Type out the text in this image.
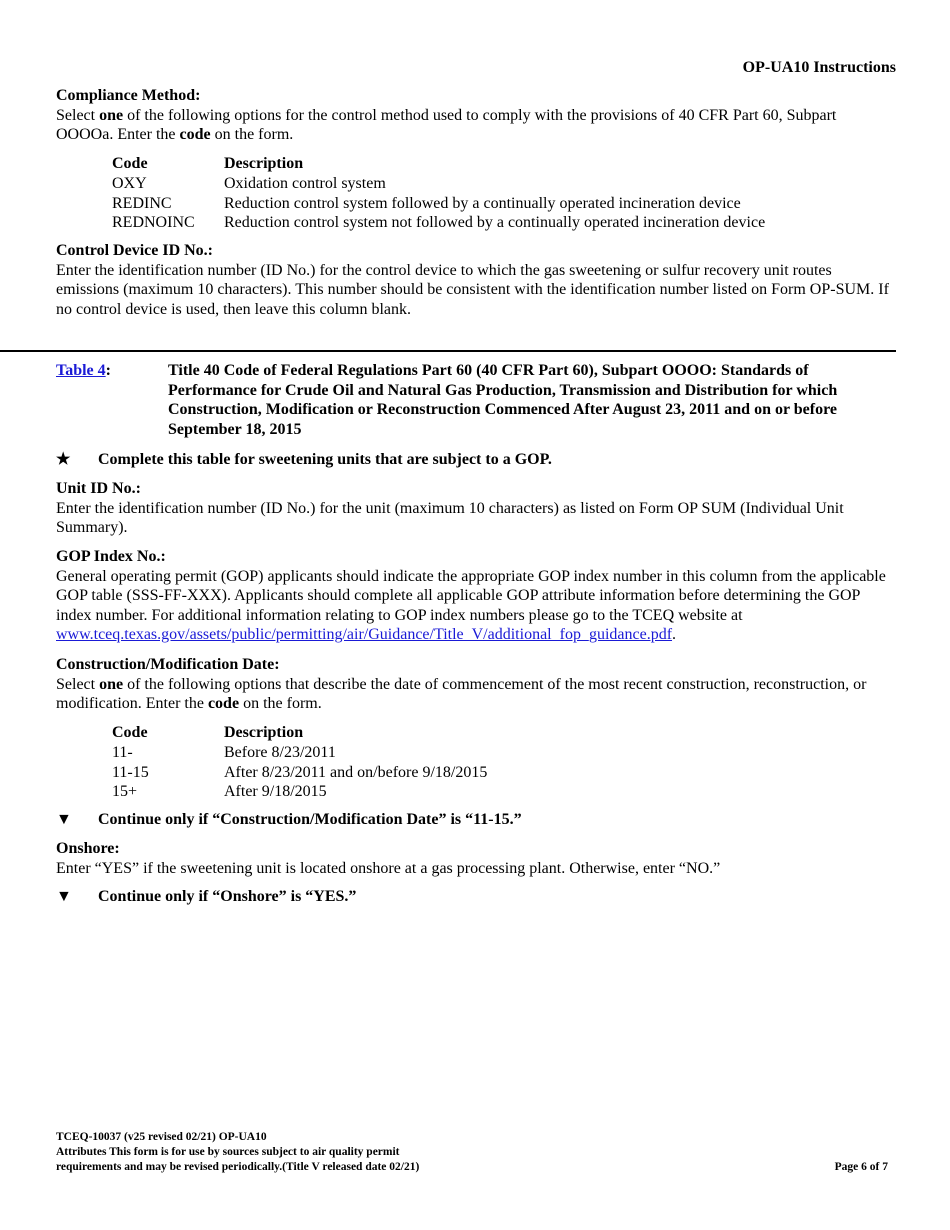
OP-UA10 Instructions
Compliance Method:

Select one of the following options for the control method used to comply with the provisions of 40 CFR Part 60, Subpart OOOOa. Enter the code on the form.

Code	Description
OXY	Oxidation control system
REDINC	Reduction control system followed by a continually operated incineration device
REDNOINC	Reduction control system not followed by a continually operated incineration device
Control Device ID No.:

Enter the identification number (ID No.) for the control device to which the gas sweetening or sulfur recovery unit routes emissions (maximum 10 characters). This number should be consistent with the identification number listed on Form OP-SUM. If no control device is used, then leave this column blank.

Table 4:	Title 40 Code of Federal Regulations Part 60 (40 CFR Part 60), Subpart OOOO: Standards of Performance for Crude Oil and Natural Gas Production, Transmission and Distribution for which Construction, Modification or Reconstruction Commenced After August 23, 2011 and on or before September 18, 2015
★	Complete this table for sweetening units that are subject to a GOP.
Unit ID No.:

Enter the identification number (ID No.) for the unit (maximum 10 characters) as listed on Form OP SUM (Individual Unit Summary).

GOP Index No.:

General operating permit (GOP) applicants should indicate the appropriate GOP index number in this column from the applicable GOP table (SSS-FF-XXX). Applicants should complete all applicable GOP attribute information before determining the GOP index number. For additional information relating to GOP index numbers please go to the TCEQ website at www.tceq.texas.gov/assets/public/permitting/air/Guidance/Title_V/additional_fop_guidance.pdf.

Construction/Modification Date:

Select one of the following options that describe the date of commencement of the most recent construction, reconstruction, or modification. Enter the code on the form.

Code	Description
11-	Before 8/23/2011
11-15	After 8/23/2011 and on/before 9/18/2015
15+	After 9/18/2015
▼ Continue only if “Construction/Modification Date” is “11-15.”
Onshore:

Enter “YES” if the sweetening unit is located onshore at a gas processing plant. Otherwise, enter “NO.”

▼ Continue only if “Onshore” is “YES.”
TCEQ-10037 (v25 revised 02/21) OP-UA10
Attributes This form is for use by sources subject to air quality permit
requirements and may be revised periodically.(Title V released date 02/21)	Page 6 of 7
